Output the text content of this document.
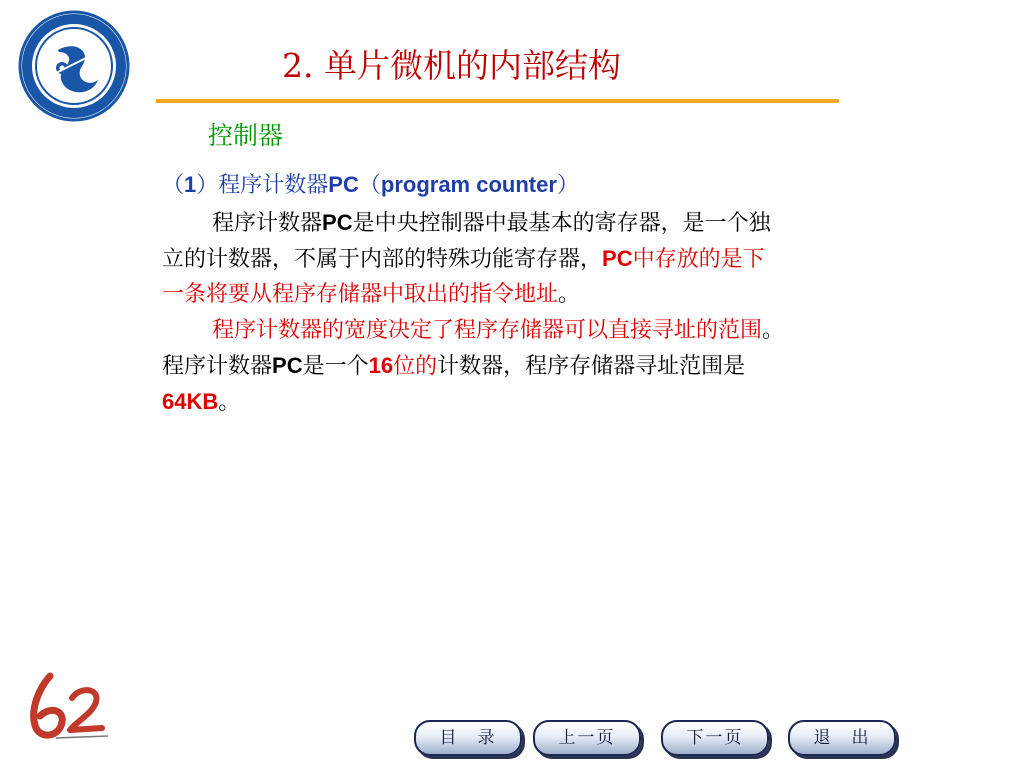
2. 单片微机的内部结构
控制器
（1）程序计数器PC（program counter）
程序计数器PC是中央控制器中最基本的寄存器，是一个独
立的计数器，不属于内部的特殊功能寄存器，PC中存放的是下
一条将要从程序存储器中取出的指令地址。
程序计数器的宽度决定了程序存储器可以直接寻址的范围。
程序计数器PC是一个16位的计数器，程序存储器寻址范围是
64KB。
目　录	上一页	下一页	退　出
